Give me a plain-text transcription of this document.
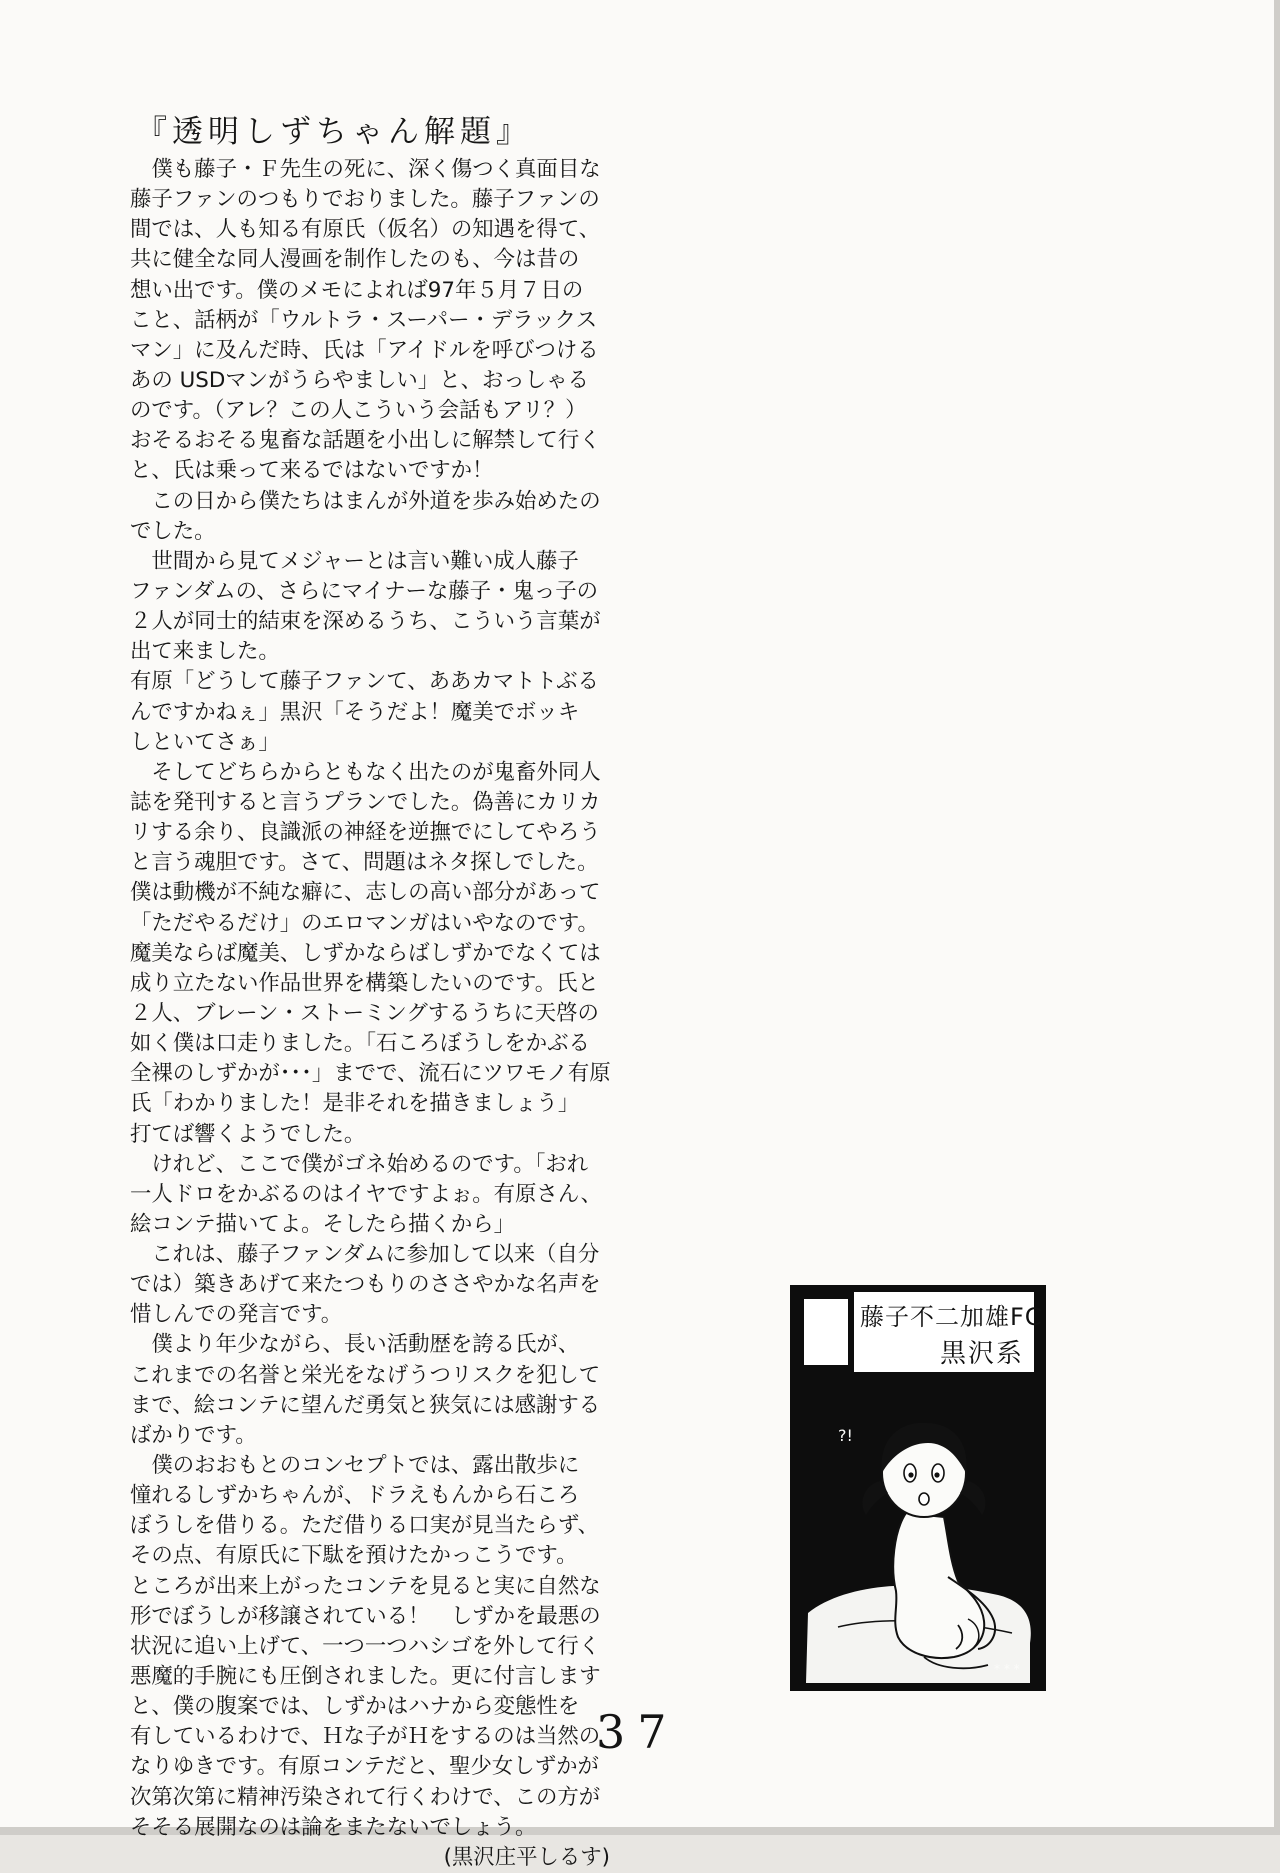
『透明しずちゃん解題』
　僕も藤子・Ｆ先生の死に、深く傷つく真面目な
藤子ファンのつもりでおりました。藤子ファンの
間では、人も知る有原氏（仮名）の知遇を得て、
共に健全な同人漫画を制作したのも、今は昔の
想い出です。僕のメモによれば97年５月７日の
こと、話柄が「ウルトラ・スーパー・デラックス
マン」に及んだ時、氏は「アイドルを呼びつける
あの USDマンがうらやましい」と、おっしゃる
のです。（アレ？この人こういう会話もアリ？）
おそるおそる鬼畜な話題を小出しに解禁して行く
と、氏は乗って来るではないですか！
　この日から僕たちはまんが外道を歩み始めたの
でした。
　世間から見てメジャーとは言い難い成人藤子
ファンダムの、さらにマイナーな藤子・鬼っ子の
２人が同士的結束を深めるうち、こういう言葉が
出て来ました。
有原「どうして藤子ファンて、ああカマトトぶる
んですかねぇ」黒沢「そうだよ！魔美でボッキ
しといてさぁ」
　そしてどちらからともなく出たのが鬼畜外同人
誌を発刊すると言うプランでした。偽善にカリカ
リする余り、良識派の神経を逆撫でにしてやろう
と言う魂胆です。さて、問題はネタ探しでした。
僕は動機が不純な癖に、志しの高い部分があって
「ただやるだけ」のエロマンガはいやなのです。
魔美ならば魔美、しずかならばしずかでなくては
成り立たない作品世界を構築したいのです。氏と
２人、ブレーン・ストーミングするうちに天啓の
如く僕は口走りました。「石ころぼうしをかぶる
全裸のしずかが･･･」までで、流石にツワモノ有原
氏「わかりました！是非それを描きましょう」
打てば響くようでした。
　けれど、ここで僕がゴネ始めるのです。「おれ
一人ドロをかぶるのはイヤですよぉ。有原さん、
絵コンテ描いてよ。そしたら描くから」
　これは、藤子ファンダムに参加して以来（自分
では）築きあげて来たつもりのささやかな名声を
惜しんでの発言です。
　僕より年少ながら、長い活動歴を誇る氏が、
これまでの名誉と栄光をなげうつリスクを犯して
まで、絵コンテに望んだ勇気と狭気には感謝する
ばかりです。
　僕のおおもとのコンセプトでは、露出散歩に
憧れるしずかちゃんが、ドラえもんから石ころ
ぼうしを借りる。ただ借りる口実が見当たらず、
その点、有原氏に下駄を預けたかっこうです。
ところが出来上がったコンテを見ると実に自然な
形でぼうしが移譲されている！　しずかを最悪の
状況に追い上げて、一つ一つハシゴを外して行く
悪魔的手腕にも圧倒されました。更に付言します
と、僕の腹案では、しずかはハナから変態性を
有しているわけで、Ｈな子がＨをするのは当然の
なりゆきです。有原コンテだと、聖少女しずかが
次第次第に精神汚染されて行くわけで、この方が
そそる展開なのは論をまたないでしょう。
(黒沢庄平しるす)
藤子不二加雄FC
黒沢系
?!
* * *
37
